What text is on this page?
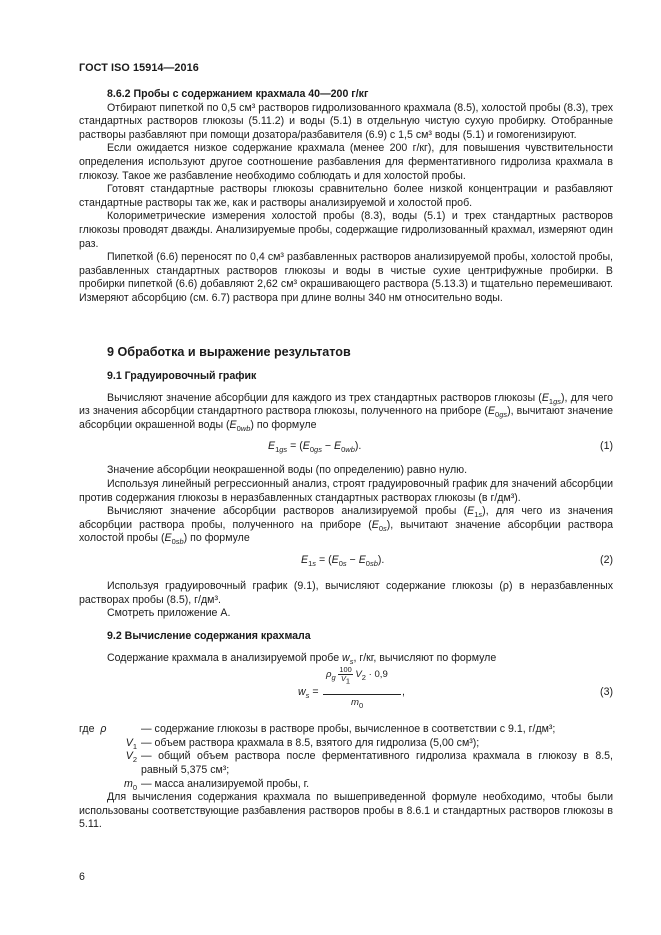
ГОСТ ISO 15914—2016

8.6.2 Пробы с содержанием крахмала 40—200 г/кг

Отбирают пипеткой по 0,5 см³ растворов гидролизованного крахмала (8.5), холостой пробы (8.3), трех стандартных растворов глюкозы (5.11.2) и воды (5.1) в отдельную чистую сухую пробирку. Отобранные растворы разбавляют при помощи дозатора/разбавителя (6.9) с 1,5 см³ воды (5.1) и гомогенизируют.

Если ожидается низкое содержание крахмала (менее 200 г/кг), для повышения чувствительности определения используют другое соотношение разбавления для ферментативного гидролиза крахмала в глюкозу. Такое же разбавление необходимо соблюдать и для холостой пробы.

Готовят стандартные растворы глюкозы сравнительно более низкой концентрации и разбавляют стандартные растворы так же, как и растворы анализируемой и холостой проб.

Колориметрические измерения холостой пробы (8.3), воды (5.1) и трех стандартных растворов глюкозы проводят дважды. Анализируемые пробы, содержащие гидролизованный крахмал, измеряют один раз.

Пипеткой (6.6) переносят по 0,4 см³ разбавленных растворов анализируемой пробы, холостой пробы, разбавленных стандартных растворов глюкозы и воды в чистые сухие центрифужные пробирки. В пробирки пипеткой (6.6) добавляют 2,62 см³ окрашивающего раствора (5.13.3) и тщательно перемешивают. Измеряют абсорбцию (см. 6.7) раствора при длине волны 340 нм относительно воды.

9 Обработка и выражение результатов

9.1 Градуировочный график

Вычисляют значение абсорбции для каждого из трех стандартных растворов глюкозы $(E_{1gs})$, для чего из значения абсорбции стандартного раствора глюкозы, полученного на приборе $(E_{0gs})$, вычитают значение абсорбции окрашенной воды $(E_{0wb})$ по формуле

$E_{1gs} = (E_{0gs} - E_{0wb})$.	(1)

Значение абсорбции неокрашенной воды (по определению) равно нулю.

Используя линейный регрессионный анализ, строят градуировочный график для значений абсорбции против содержания глюкозы в неразбавленных стандартных растворах глюкозы (в г/дм³).

Вычисляют значение абсорбции растворов анализируемой пробы $(E_{1s})$, для чего из значения абсорбции раствора пробы, полученного на приборе $(E_{0s})$, вычитают значение абсорбции раствора холостой пробы $(E_{0sb})$ по формуле

$E_{1s} = (E_{0s} - E_{0sb})$.	(2)

Используя градуировочный график (9.1), вычисляют содержание глюкозы (ρ) в неразбавленных растворах пробы (8.5), г/дм³.

Смотреть приложение А.

9.2 Вычисление содержания крахмала

Содержание крахмала в анализируемой пробе $w_s$, г/кг, вычисляют по формуле

$w_s$ =
$\rho_g \frac{100}{V_1} V_2 \cdot 0,9$
$m_0$
,	(3)
где ρ	— содержание глюкозы в растворе пробы, вычисленное в соответствии с 9.1, г/дм³;
$V_1$ — объем раствора крахмала в 8.5, взятого для гидролиза (5,00 см³);
$V_2$ — общий объем раствора после ферментативного гидролиза крахмала в глюкозу в 8.5, равный 5,375 см³;
$m_0$ — масса анализируемой пробы, г.

Для вычисления содержания крахмала по вышеприведенной формуле необходимо, чтобы были использованы соответствующие разбавления растворов пробы в 8.6.1 и стандартных растворов глюкозы в 5.11.

6
